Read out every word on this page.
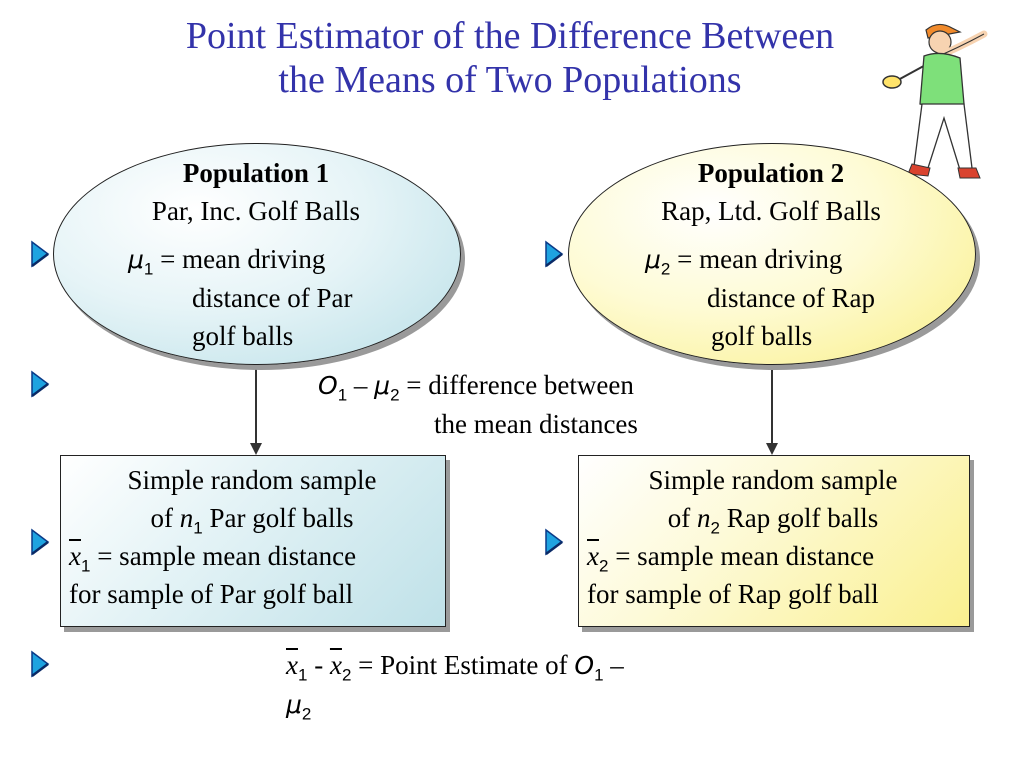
Point Estimator of the Difference Between
the Means of Two Populations
Population 1
Par, Inc. Golf Balls
$\mu_1$ = mean driving
distance of Par
golf balls
Population 2
Rap, Ltd. Golf Balls
$\mu_2$ = mean driving
distance of Rap
golf balls
$O_1 - \mu_2$ = difference between
the mean distances
Simple random sample
of $n_1$ Par golf balls
$\overline{x}_1$ = sample mean distance
for sample of Par golf ball
Simple random sample
of $n_2$ Rap golf balls
$\overline{x}_2$ = sample mean distance
for sample of Rap golf ball
$\overline{x}_1 - \overline{x}_2$ = Point Estimate of $O_1$ –
$\mu_2$
